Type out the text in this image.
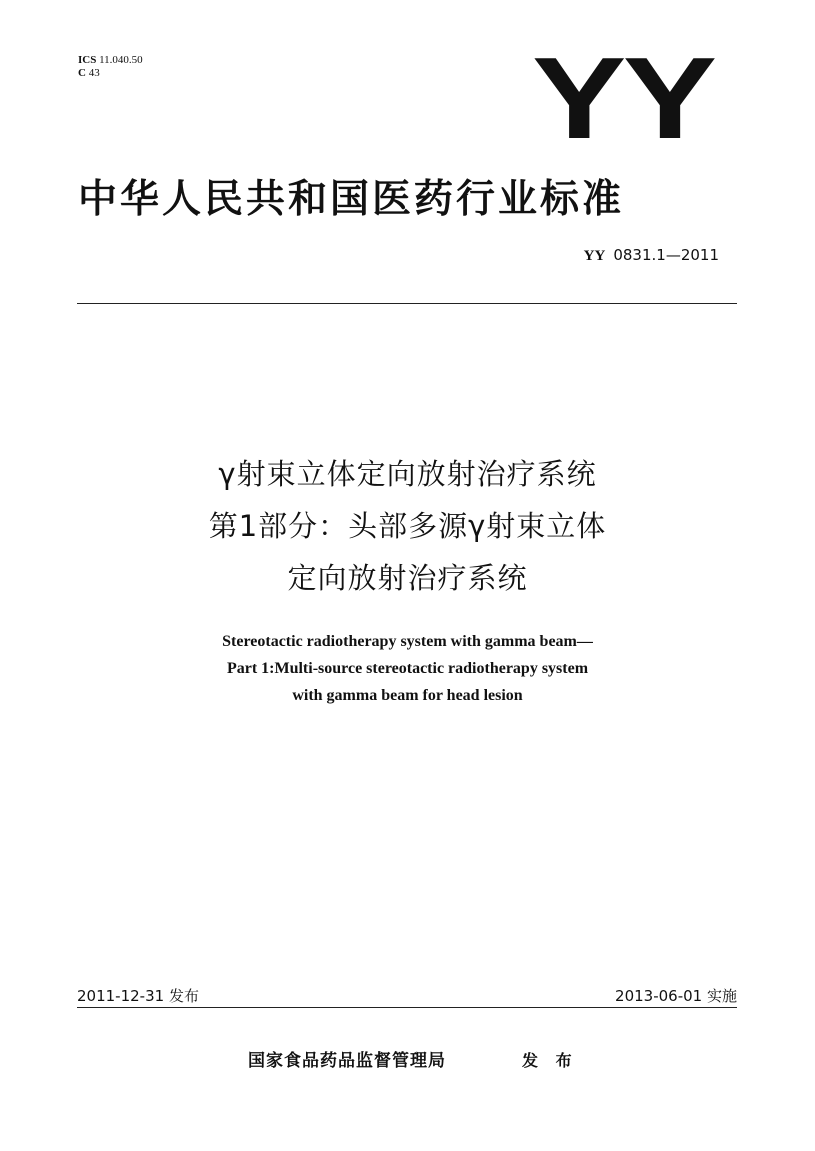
ICS 11.040.50
C 43	YY
中华人民共和国医药行业标准
YY 0831.1—2011
γ射束立体定向放射治疗系统
第1部分：头部多源γ射束立体
定向放射治疗系统
Stereotactic radiotherapy system with gamma beam—
Part 1:Multi-source stereotactic radiotherapy system
with gamma beam for head lesion
2011-12-31 发布	2013-06-01 实施
国家食品药品监督管理局	发 布
